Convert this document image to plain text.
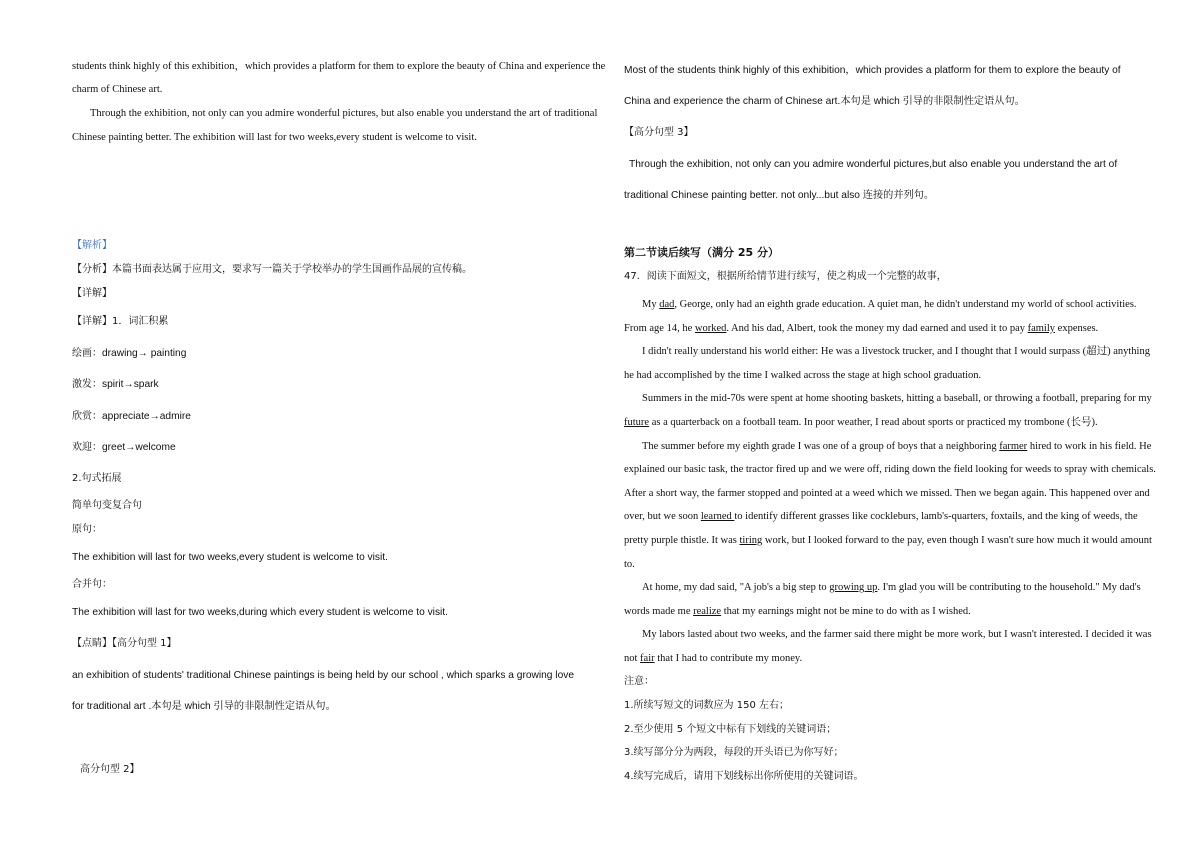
students think highly of this exhibition，which provides a platform for them to explore the beauty of China and experience the
charm of Chinese art.
Through the exhibition, not only can you admire wonderful pictures, but also enable you understand the art of traditional
Chinese painting better. The exhibition will last for two weeks,every student is welcome to visit.
【解析】
【分析】本篇书面表达属于应用文，要求写一篇关于学校举办的学生国画作品展的宣传稿。
【详解】
【详解】1．词汇积累
绘画：drawing→ painting
激发：spirit→spark
欣赏：appreciate→admire
欢迎：greet→welcome
2.句式拓展
简单句变复合句
原句：
The exhibition will last for two weeks,every student is welcome to visit.
合并句：
The exhibition will last for two weeks,during which every student is welcome to visit.
【点睛】【高分句型 1】
an exhibition of students' traditional Chinese paintings is being held by our school , which sparks a growing love
for traditional art .本句是 which 引导的非限制性定语从句。
高分句型 2】
Most of the students think highly of this exhibition，which provides a platform for them to explore the beauty of
China and experience the charm of Chinese art.本句是 which 引导的非限制性定语从句。
【高分句型 3】
Through the exhibition, not only can you admire wonderful pictures,but also enable you understand the art of
traditional Chinese painting better. not only...but also 连接的并列句。
第二节读后续写（满分 25 分）
47．阅读下面短文，根据所给情节进行续写，使之构成一个完整的故事，
My dad, George, only had an eighth grade education. A quiet man, he didn't understand my world of school activities.
From age 14, he worked. And his dad, Albert, took the money my dad earned and used it to pay family expenses.
I didn't really understand his world either: He was a livestock trucker, and I thought that I would surpass (超过) anything
he had accomplished by the time I walked across the stage at high school graduation.
Summers in the mid-70s were spent at home shooting baskets, hitting a baseball, or throwing a football, preparing for my
future as a quarterback on a football team. In poor weather, I read about sports or practiced my trombone (长号).
The summer before my eighth grade I was one of a group of boys that a neighboring farmer hired to work in his field. He
explained our basic task, the tractor fired up and we were off, riding down the field looking for weeds to spray with chemicals.
After a short way, the farmer stopped and pointed at a weed which we missed. Then we began again. This happened over and
over, but we soon learned to identify different grasses like cockleburs, lamb's-quarters, foxtails, and the king of weeds, the
pretty purple thistle. It was tiring work, but I looked forward to the pay, even though I wasn't sure how much it would amount
to.
At home, my dad said, "A job's a big step to growing up. I'm glad you will be contributing to the household." My dad's
words made me realize that my earnings might not be mine to do with as I wished.
My labors lasted about two weeks, and the farmer said there might be more work, but I wasn't interested. I decided it was
not fair that I had to contribute my money.
注意：
1.所续写短文的词数应为 150 左右；
2.至少使用 5 个短文中标有下划线的关键词语；
3.续写部分分为两段，每段的开头语已为你写好；
4.续写完成后，请用下划线标出你所使用的关键词语。
